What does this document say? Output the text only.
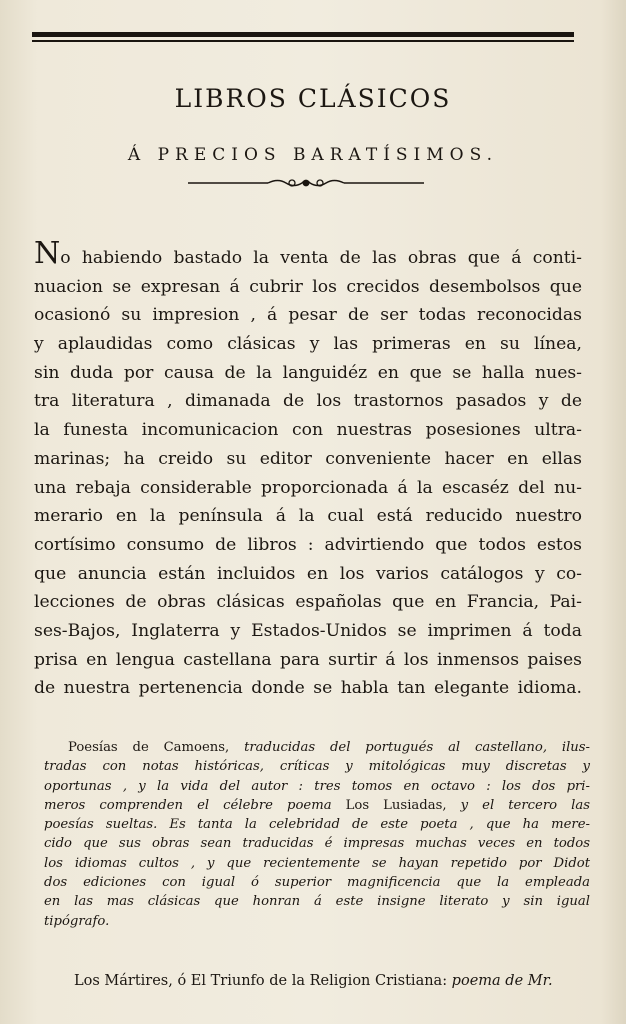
LIBROS CLÁSICOS
Á PRECIOS BARATÍSIMOS.
No habiendo bastado la venta de las obras que á conti-
nuacion se expresan á cubrir los crecidos desembolsos que
ocasionó su impresion , á pesar de ser todas reconocidas
y aplaudidas como clásicas y las primeras en su línea,
sin duda por causa de la languidéz en que se halla nues-
tra literatura , dimanada de los trastornos pasados y de
la funesta incomunicacion con nuestras posesiones ultra-
marinas; ha creido su editor conveniente hacer en ellas
una rebaja considerable proporcionada á la escaséz del nu-
merario en la península á la cual está reducido nuestro
cortísimo consumo de libros : advirtiendo que todos estos
que anuncia están incluidos en los varios catálogos y co-
lecciones de obras clásicas españolas que en Francia, Pai-
ses-Bajos, Inglaterra y Estados-Unidos se imprimen á toda
prisa en lengua castellana para surtir á los inmensos paises
de nuestra pertenencia donde se habla tan elegante idioma.
Poesías de Camoens, traducidas del portugués al castellano, ilus-
tradas con notas históricas, críticas y mitológicas muy discretas y
oportunas , y la vida del autor : tres tomos en octavo : los dos pri-
meros comprenden el célebre poema Los Lusiadas, y el tercero las
poesías sueltas. Es tanta la celebridad de este poeta , que ha mere-
cido que sus obras sean traducidas é impresas muchas veces en todos
los idiomas cultos , y que recientemente se hayan repetido por Didot
dos ediciones con igual ó superior magnificencia que la empleada
en las mas clásicas que honran á este insigne literato y sin igual
tipógrafo.
Los Mártires, ó El Triunfo de la Religion Cristiana: poema de Mr.
